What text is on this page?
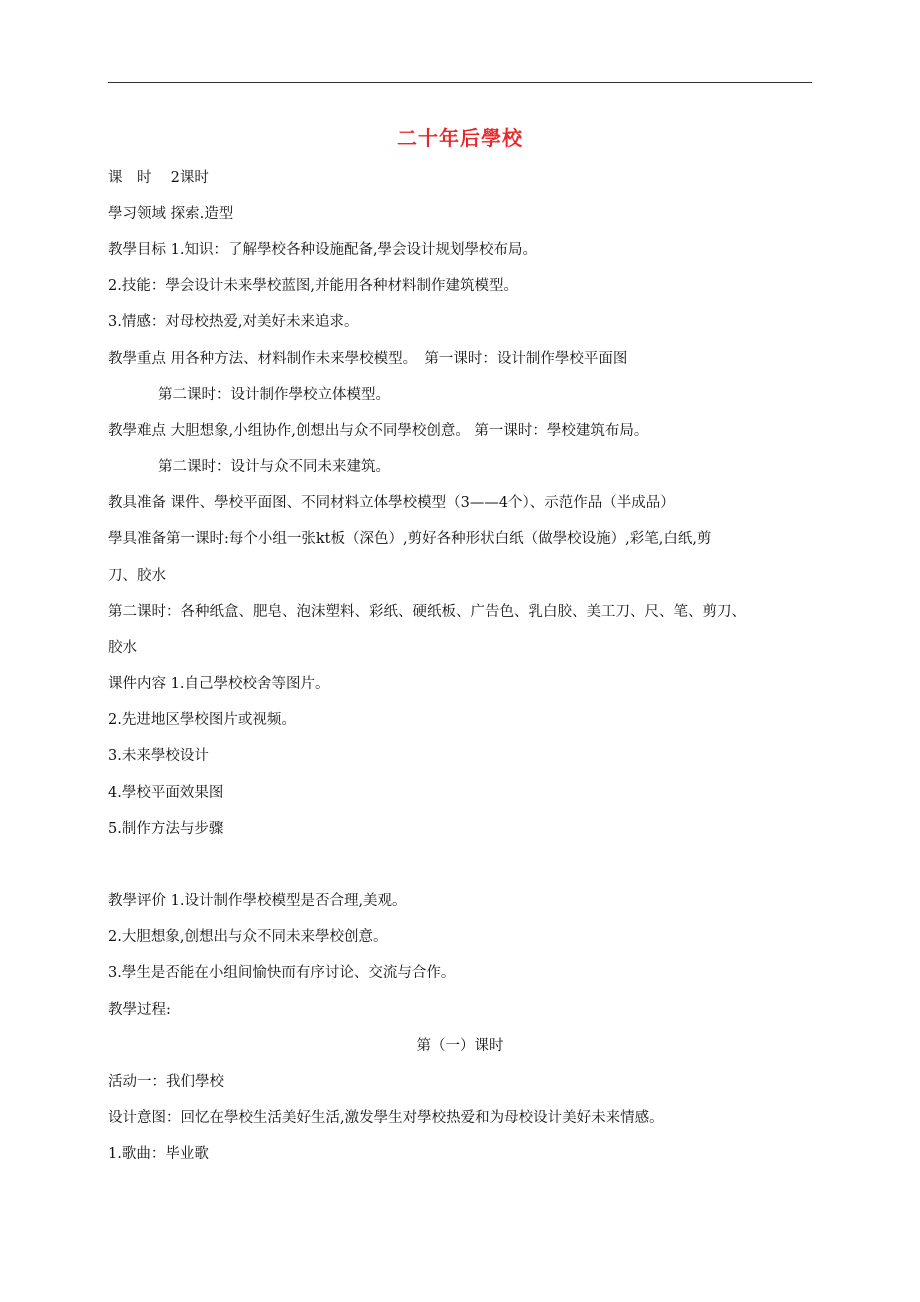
二十年后學校
课　时　 2课时
學习领域 探索.造型
教學目标 1.知识：了解學校各种设施配备,學会设计规划學校布局。
2.技能：學会设计未来學校蓝图,并能用各种材料制作建筑模型。
3.情感：对母校热爱,对美好未来追求。
教學重点 用各种方法、材料制作未来學校模型。　第一课时：设计制作學校平面图
第二课时：设计制作學校立体模型。
教學难点 大胆想象,小组协作,创想出与众不同學校创意。 第一课时：學校建筑布局。
第二课时：设计与众不同未来建筑。
教具准备 课件、學校平面图、不同材料立体學校模型（3——4个）、示范作品（半成品）
學具准备第一课时:每个小组一张kt板（深色）,剪好各种形状白纸（做學校设施）,彩笔,白纸,剪
刀、胶水
第二课时：各种纸盒、肥皂、泡沫塑料、彩纸、硬纸板、广告色、乳白胶、美工刀、尺、笔、剪刀、
胶水
课件内容 1.自己學校校舍等图片。
2.先进地区學校图片或视频。
3.未来學校设计
4.學校平面效果图
5.制作方法与步骤
教學评价 1.设计制作學校模型是否合理,美观。
2.大胆想象,创想出与众不同未来學校创意。
3.學生是否能在小组间愉快而有序讨论、交流与合作。
教學过程:
第（一）课时
活动一：我们學校
设计意图：回忆在學校生活美好生活,激发學生对學校热爱和为母校设计美好未来情感。
1.歌曲：毕业歌
